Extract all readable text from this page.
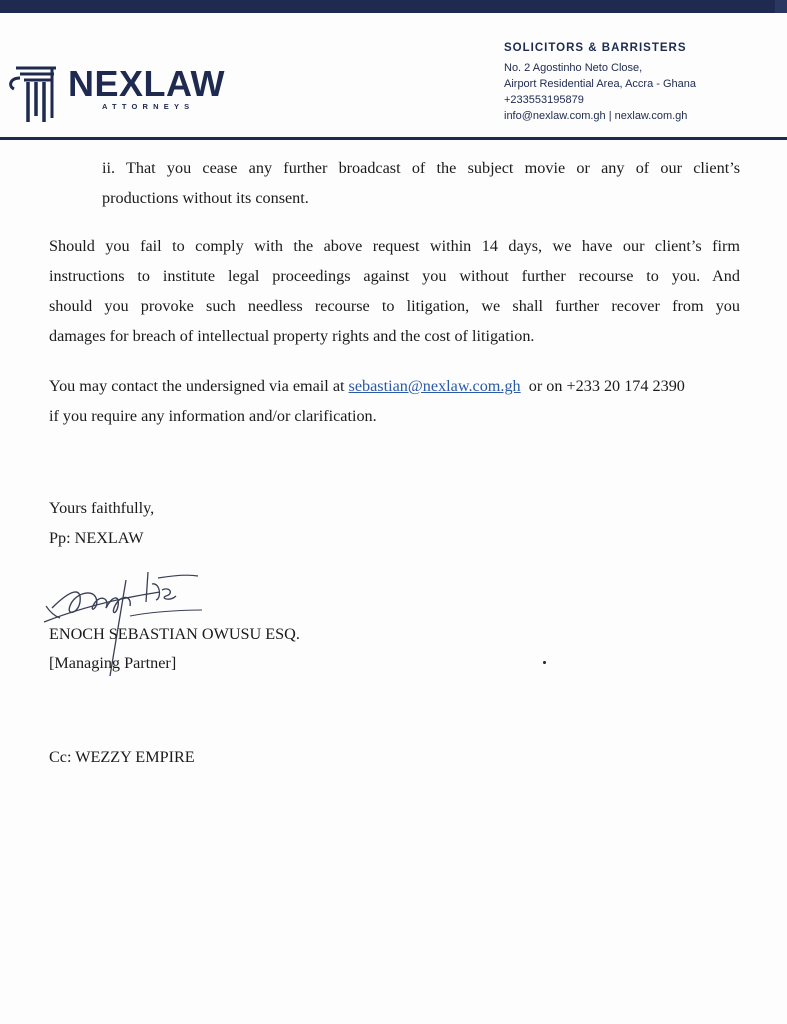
NEXLAW
ATTORNEYS
SOLICITORS & BARRISTERS
No. 2 Agostinho Neto Close,
Airport Residential Area, Accra - Ghana
+233553195879
info@nexlaw.com.gh | nexlaw.com.gh
ii. That you cease any further broadcast of the subject movie or any of our client’s
productions without its consent.
Should you fail to comply with the above request within 14 days, we have our client’s firm
instructions to institute legal proceedings against you without further recourse to you. And
should you provoke such needless recourse to litigation, we shall further recover from you
damages for breach of intellectual property rights and the cost of litigation.
You may contact the undersigned via email at sebastian@nexlaw.com.gh  or on +233 20 174 2390
if you require any information and/or clarification.
Yours faithfully,
Pp: NEXLAW
ENOCH SEBASTIAN OWUSU ESQ.
[Managing Partner]
Cc: WEZZY EMPIRE
